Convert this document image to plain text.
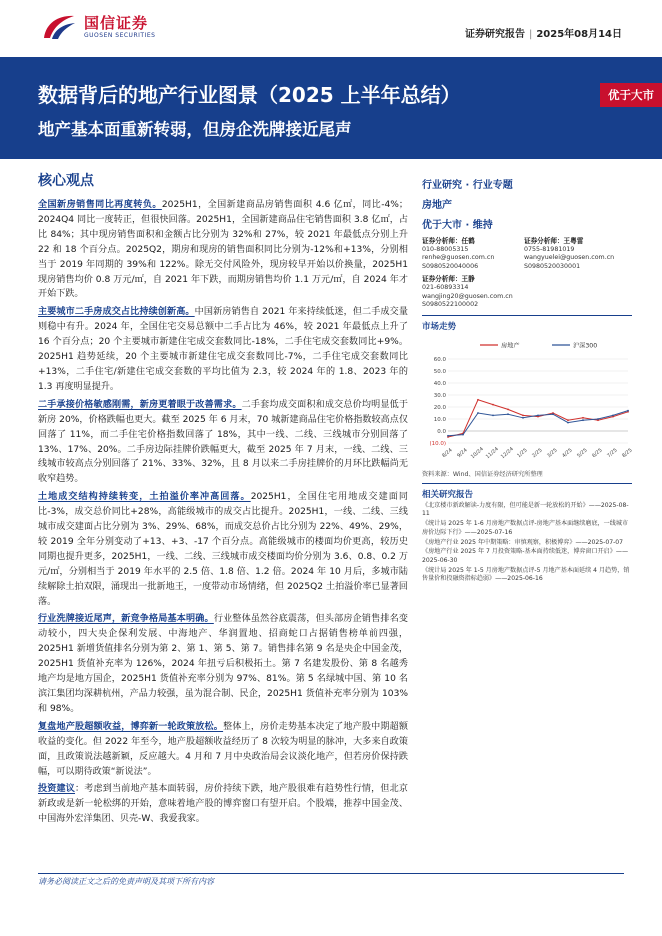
国信证券
GUOSEN SECURITIES	证券研究报告 | 2025年08月14日
数据背后的地产行业图景（2025 上半年总结）
地产基本面重新转弱，但房企洗牌接近尾声
优于大市
核心观点

全国新房销售同比再度转负。2025H1，全国新建商品房销售面积 4.6 亿㎡，同比-4%；2024Q4 同比一度转正，但很快回落。2025H1，全国新建商品住宅销售面积 3.8 亿㎡，占比 84%；其中现房销售面积和金额占比分别为 32%和 27%，较 2021 年最低点分别上升 22 和 18 个百分点。2025Q2，期房和现房的销售面积同比分别为-12%和+13%，分别相当于 2019 年同期的 39%和 122%。除无交付风险外，现房较早开始以价换量，2025H1 现房销售均价 0.8 万元/㎡，自 2021 年下跌，而期房销售均价 1.1 万元/㎡，自 2024 年才开始下跌。

主要城市二手房成交占比持续创新高。中国新房销售自 2021 年来持续低迷，但二手成交量则稳中有升。2024 年，全国住宅交易总额中二手占比为 46%，较 2021 年最低点上升了 16 个百分点；20 个主要城市新建住宅成交套数同比-18%，二手住宅成交套数同比+9%。2025H1 趋势延续，20 个主要城市新建住宅成交套数同比-7%，二手住宅成交套数同比+13%，二手住宅/新建住宅成交套数的平均比值为 2.3，较 2024 年的 1.8、2023 年的 1.3 再度明显提升。

二手承接价格敏感刚需，新房更着眼于改善需求。二手套均成交面积和成交总价均明显低于新房 20%，价格跌幅也更大。截至 2025 年 6 月末，70 城新建商品住宅价格指数较高点仅回落了 11%，而二手住宅价格指数回落了 18%，其中一线、二线、三线城市分别回落了 13%、17%、20%。二手房边际挂牌价跌幅更大，截至 2025 年 7 月末，一线、二线、三线城市较高点分别回落了 21%、33%、32%，且 8 月以来二手房挂牌价的月环比跌幅尚无收窄趋势。

土地成交结构持续转变，土拍溢价率冲高回落。2025H1，全国住宅用地成交建面同比-3%，成交总价同比+28%，高能级城市的成交占比提升。2025H1，一线、二线、三线城市成交建面占比分别为 3%、29%、68%，而成交总价占比分别为 22%、49%、29%，较 2019 全年分别变动了+13、+3、-17 个百分点。高能级城市的楼面均价更高，较历史同期也提升更多，2025H1，一线、二线、三线城市成交楼面均价分别为 3.6、0.8、0.2 万元/㎡，分别相当于 2019 年水平的 2.5 倍、1.8 倍、1.2 倍。2024 年 10 月后，多城市陆续解除土拍双限，涌现出一批新地王，一度带动市场情绪，但 2025Q2 土拍溢价率已显著回落。

行业洗牌接近尾声，新竞争格局基本明确。行业整体虽然谷底震荡，但头部房企销售排名变动较小，四大央企保利发展、中海地产、华润置地、招商蛇口占据销售榜单前四强，2025H1 新增货值排名分别为第 2、第 1、第 5、第 7。销售排名第 9 名是央企中国金茂，2025H1 货值补充率为 126%，2024 年扭亏后积极拓土。第 7 名建发股份、第 8 名越秀地产均是地方国企，2025H1 货值补充率分别为 97%、81%。第 5 名绿城中国、第 10 名滨江集团均深耕杭州，产品力较强，虽为混合制、民企，2025H1 货值补充率分别为 103%和 98%。

复盘地产股超额收益，博弈新一轮政策放松。整体上，房价走势基本决定了地产股中期超额收益的变化。但 2022 年至今，地产股超额收益经历了 8 次较为明显的脉冲，大多来自政策面，且政策说法越新颖，反应越大。4 月和 7 月中央政治局会议淡化地产，但若房价保持跌幅，可以期待政策“新说法”。

投资建议：考虑到当前地产基本面转弱，房价持续下跌，地产股很难有趋势性行情，但北京新政或是新一轮松绑的开始，意味着地产股的博弈窗口有望开启。个股端，推荐中国金茂、中国海外宏洋集团、贝壳-W、我爱我家。

行业研究 · 行业专题
房地产
优于大市 · 维持
证券分析师：任鹤
010-88005315
renhe@guosen.com.cn
S0980520040006
证券分析师：王粤雷
0755-81981019
wangyuelei@guosen.com.cn
S0980520030001
证券分析师：王静
021-60893314
wangjing20@guosen.com.cn
S0980522100002
市场走势
(10.0)
0.0
10.0
20.0
30.0
40.0
50.0
60.0
8/24 9/24 10/24 11/24 12/24 1/25 2/25 3/25 4/25 5/25 6/25 7/25 8/25
房地产	沪深300
资料来源：Wind、国信证券经济研究所整理
相关研究报告
《北京楼市新政解读-力度有限，但可能是新一轮放松的开始》——2025-08-11
《统计局 2025 年 1-6 月房地产数据点评-房地产基本面继续磨底，一线城市房价边际下行》——2025-07-16
《房地产行业 2025 年中期策略：审慎观察，积极博弈》——2025-07-07
《房地产行业 2025 年 7 月投资策略-基本面持续低迷，博弈窗口开启》——2025-06-30
《统计局 2025 年 1-5 月房地产数据点评-5 月地产基本面延续 4 月趋势，销售量价和投融资指标趋弱》——2025-06-16
请务必阅读正文之后的免责声明及其项下所有内容
